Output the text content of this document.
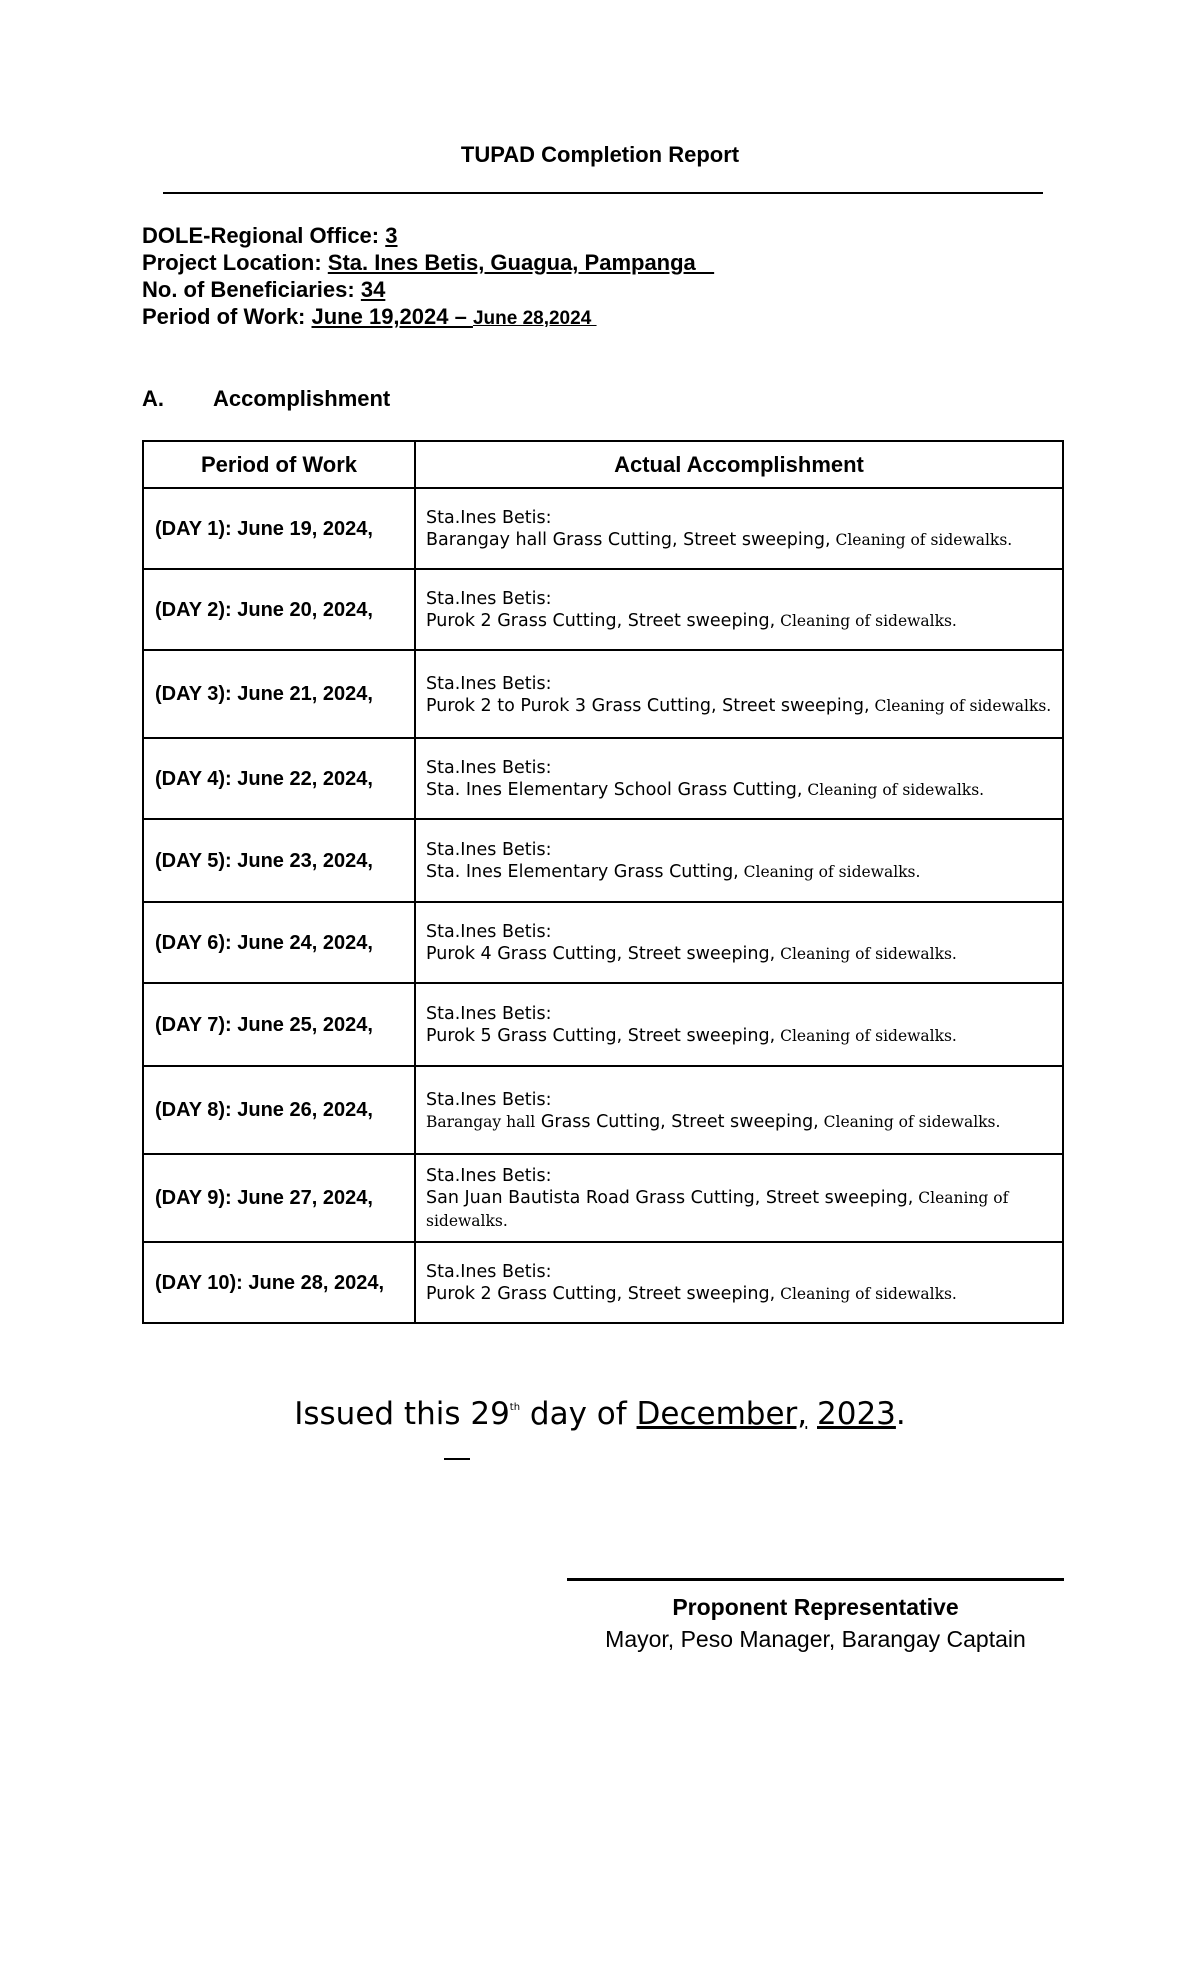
TUPAD Completion Report
DOLE-Regional Office: 3
Project Location: Sta. Ines Betis, Guagua, Pampanga
No. of Beneficiaries: 34
Period of Work: June 19,2024 – June 28,2024
A. Accomplishment
Period of Work	Actual Accomplishment
(DAY 1): June 19, 2024,	Sta.Ines Betis:
Barangay hall Grass Cutting, Street sweeping, Cleaning of sidewalks.
(DAY 2): June 20, 2024,	Sta.Ines Betis:
Purok 2 Grass Cutting, Street sweeping, Cleaning of sidewalks.
(DAY 3): June 21, 2024,	Sta.Ines Betis:
Purok 2 to Purok 3 Grass Cutting, Street sweeping, Cleaning of sidewalks.
(DAY 4): June 22, 2024,	Sta.Ines Betis:
Sta. Ines Elementary School Grass Cutting, Cleaning of sidewalks.
(DAY 5): June 23, 2024,	Sta.Ines Betis:
Sta. Ines Elementary Grass Cutting, Cleaning of sidewalks.
(DAY 6): June 24, 2024,	Sta.Ines Betis:
Purok 4 Grass Cutting, Street sweeping, Cleaning of sidewalks.
(DAY 7): June 25, 2024,	Sta.Ines Betis:
Purok 5 Grass Cutting, Street sweeping, Cleaning of sidewalks.
(DAY 8): June 26, 2024,	Sta.Ines Betis:
Barangay hall Grass Cutting, Street sweeping, Cleaning of sidewalks.
(DAY 9): June 27, 2024,	Sta.Ines Betis:
San Juan Bautista Road Grass Cutting, Street sweeping, Cleaning of sidewalks.
(DAY 10): June 28, 2024,	Sta.Ines Betis:
Purok 2 Grass Cutting, Street sweeping, Cleaning of sidewalks.
Issued this 29th day of December, 2023.
Proponent Representative
Mayor, Peso Manager, Barangay Captain
